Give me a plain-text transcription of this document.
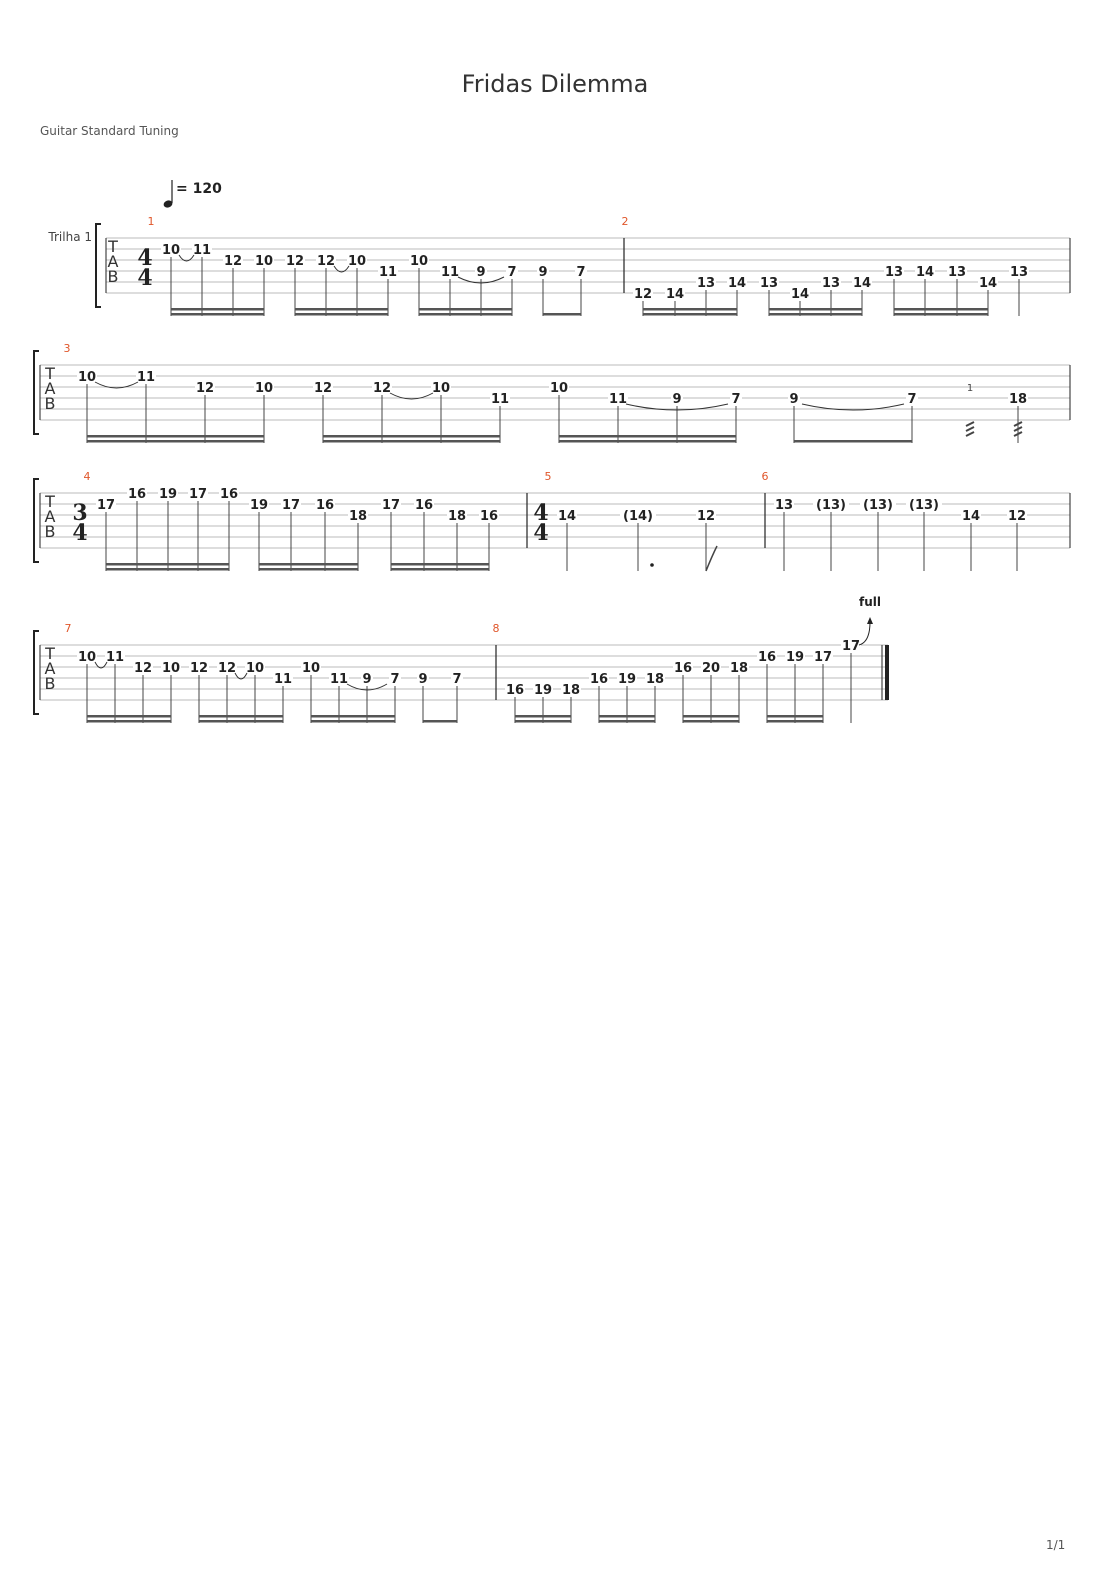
Fridas Dilemma
Guitar Standard Tuning
1/1
T
A
B
T
A
B
T
A
B
T
A
B
Trilha 1
= 120
4
4
3
4
4
4
1
10 11
12 10 12 12 10
11
10
11 9 7 9 7
2
12 14
13 14 13
14
13 14
13 14 13
14
13
3
10	11
12	10	12	12	10
11
10
11	9	7	9	7	18
4
17
16 19 17 16
19 17 16
18
17 16
18 16
5
14	(14)	12
6
13 (13) (13) (13)
14 12
7
10 11
12 10 12 12 10
11
10
11 9 7 9 7
8
16 19 18
16 19 18
16 20 18
16 19 17
17
1
full
